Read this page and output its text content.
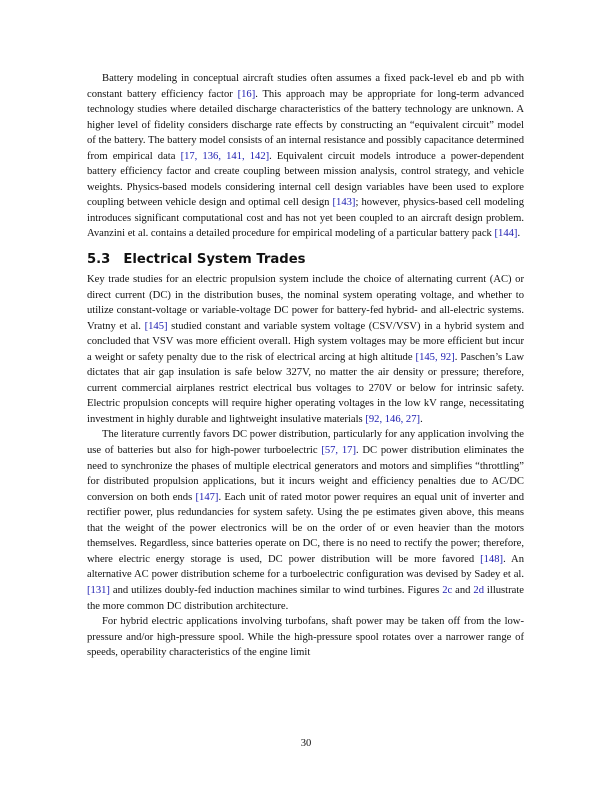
Battery modeling in conceptual aircraft studies often assumes a fixed pack-level eb and pb with constant battery efficiency factor [16]. This approach may be appropriate for long-term advanced technology studies where detailed discharge characteristics of the battery technology are unknown. A higher level of fidelity considers discharge rate effects by constructing an “equivalent circuit” model of the battery. The battery model consists of an internal resistance and possibly capacitance determined from empirical data [17, 136, 141, 142]. Equivalent circuit models introduce a power-dependent battery efficiency factor and create coupling between mission analysis, control strategy, and vehicle weights. Physics-based models considering internal cell design variables have been used to explore coupling between vehicle design and optimal cell design [143]; however, physics-based cell modeling introduces significant computational cost and has not yet been coupled to an aircraft design problem. Avanzini et al. contains a detailed procedure for empirical modeling of a particular battery pack [144].

5.3 Electrical System Trades

Key trade studies for an electric propulsion system include the choice of alternating current (AC) or direct current (DC) in the distribution buses, the nominal system operating voltage, and whether to utilize constant-voltage or variable-voltage DC power for battery-fed hybrid- and all-electric systems. Vratny et al. [145] studied constant and variable system voltage (CSV/VSV) in a hybrid system and concluded that VSV was more efficient overall. High system voltages may be more efficient but incur a weight or safety penalty due to the risk of electrical arcing at high altitude [145, 92]. Paschen’s Law dictates that air gap insulation is safe below 327V, no matter the air density or pressure; therefore, current commercial airplanes restrict electrical bus voltages to 270V or below for intrinsic safety. Electric propulsion concepts will require higher operating voltages in the low kV range, necessitating investment in highly durable and lightweight insulative materials [92, 146, 27].

The literature currently favors DC power distribution, particularly for any application involving the use of batteries but also for high-power turboelectric [57, 17]. DC power distribution eliminates the need to synchronize the phases of multiple electrical generators and motors and simplifies “throttling” for distributed propulsion applications, but it incurs weight and efficiency penalties due to AC/DC conversion on both ends [147]. Each unit of rated motor power requires an equal unit of inverter and rectifier power, plus redundancies for system safety. Using the pe estimates given above, this means that the weight of the power electronics will be on the order of or even heavier than the motors themselves. Regardless, since batteries operate on DC, there is no need to rectify the power; therefore, where electric energy storage is used, DC power distribution will be more favored [148]. An alternative AC power distribution scheme for a turboelectric configuration was devised by Sadey et al. [131] and utilizes doubly-fed induction machines similar to wind turbines. Figures 2c and 2d illustrate the more common DC distribution architecture.

For hybrid electric applications involving turbofans, shaft power may be taken off from the low-pressure and/or high-pressure spool. While the high-pressure spool rotates over a narrower range of speeds, operability characteristics of the engine limit

30
